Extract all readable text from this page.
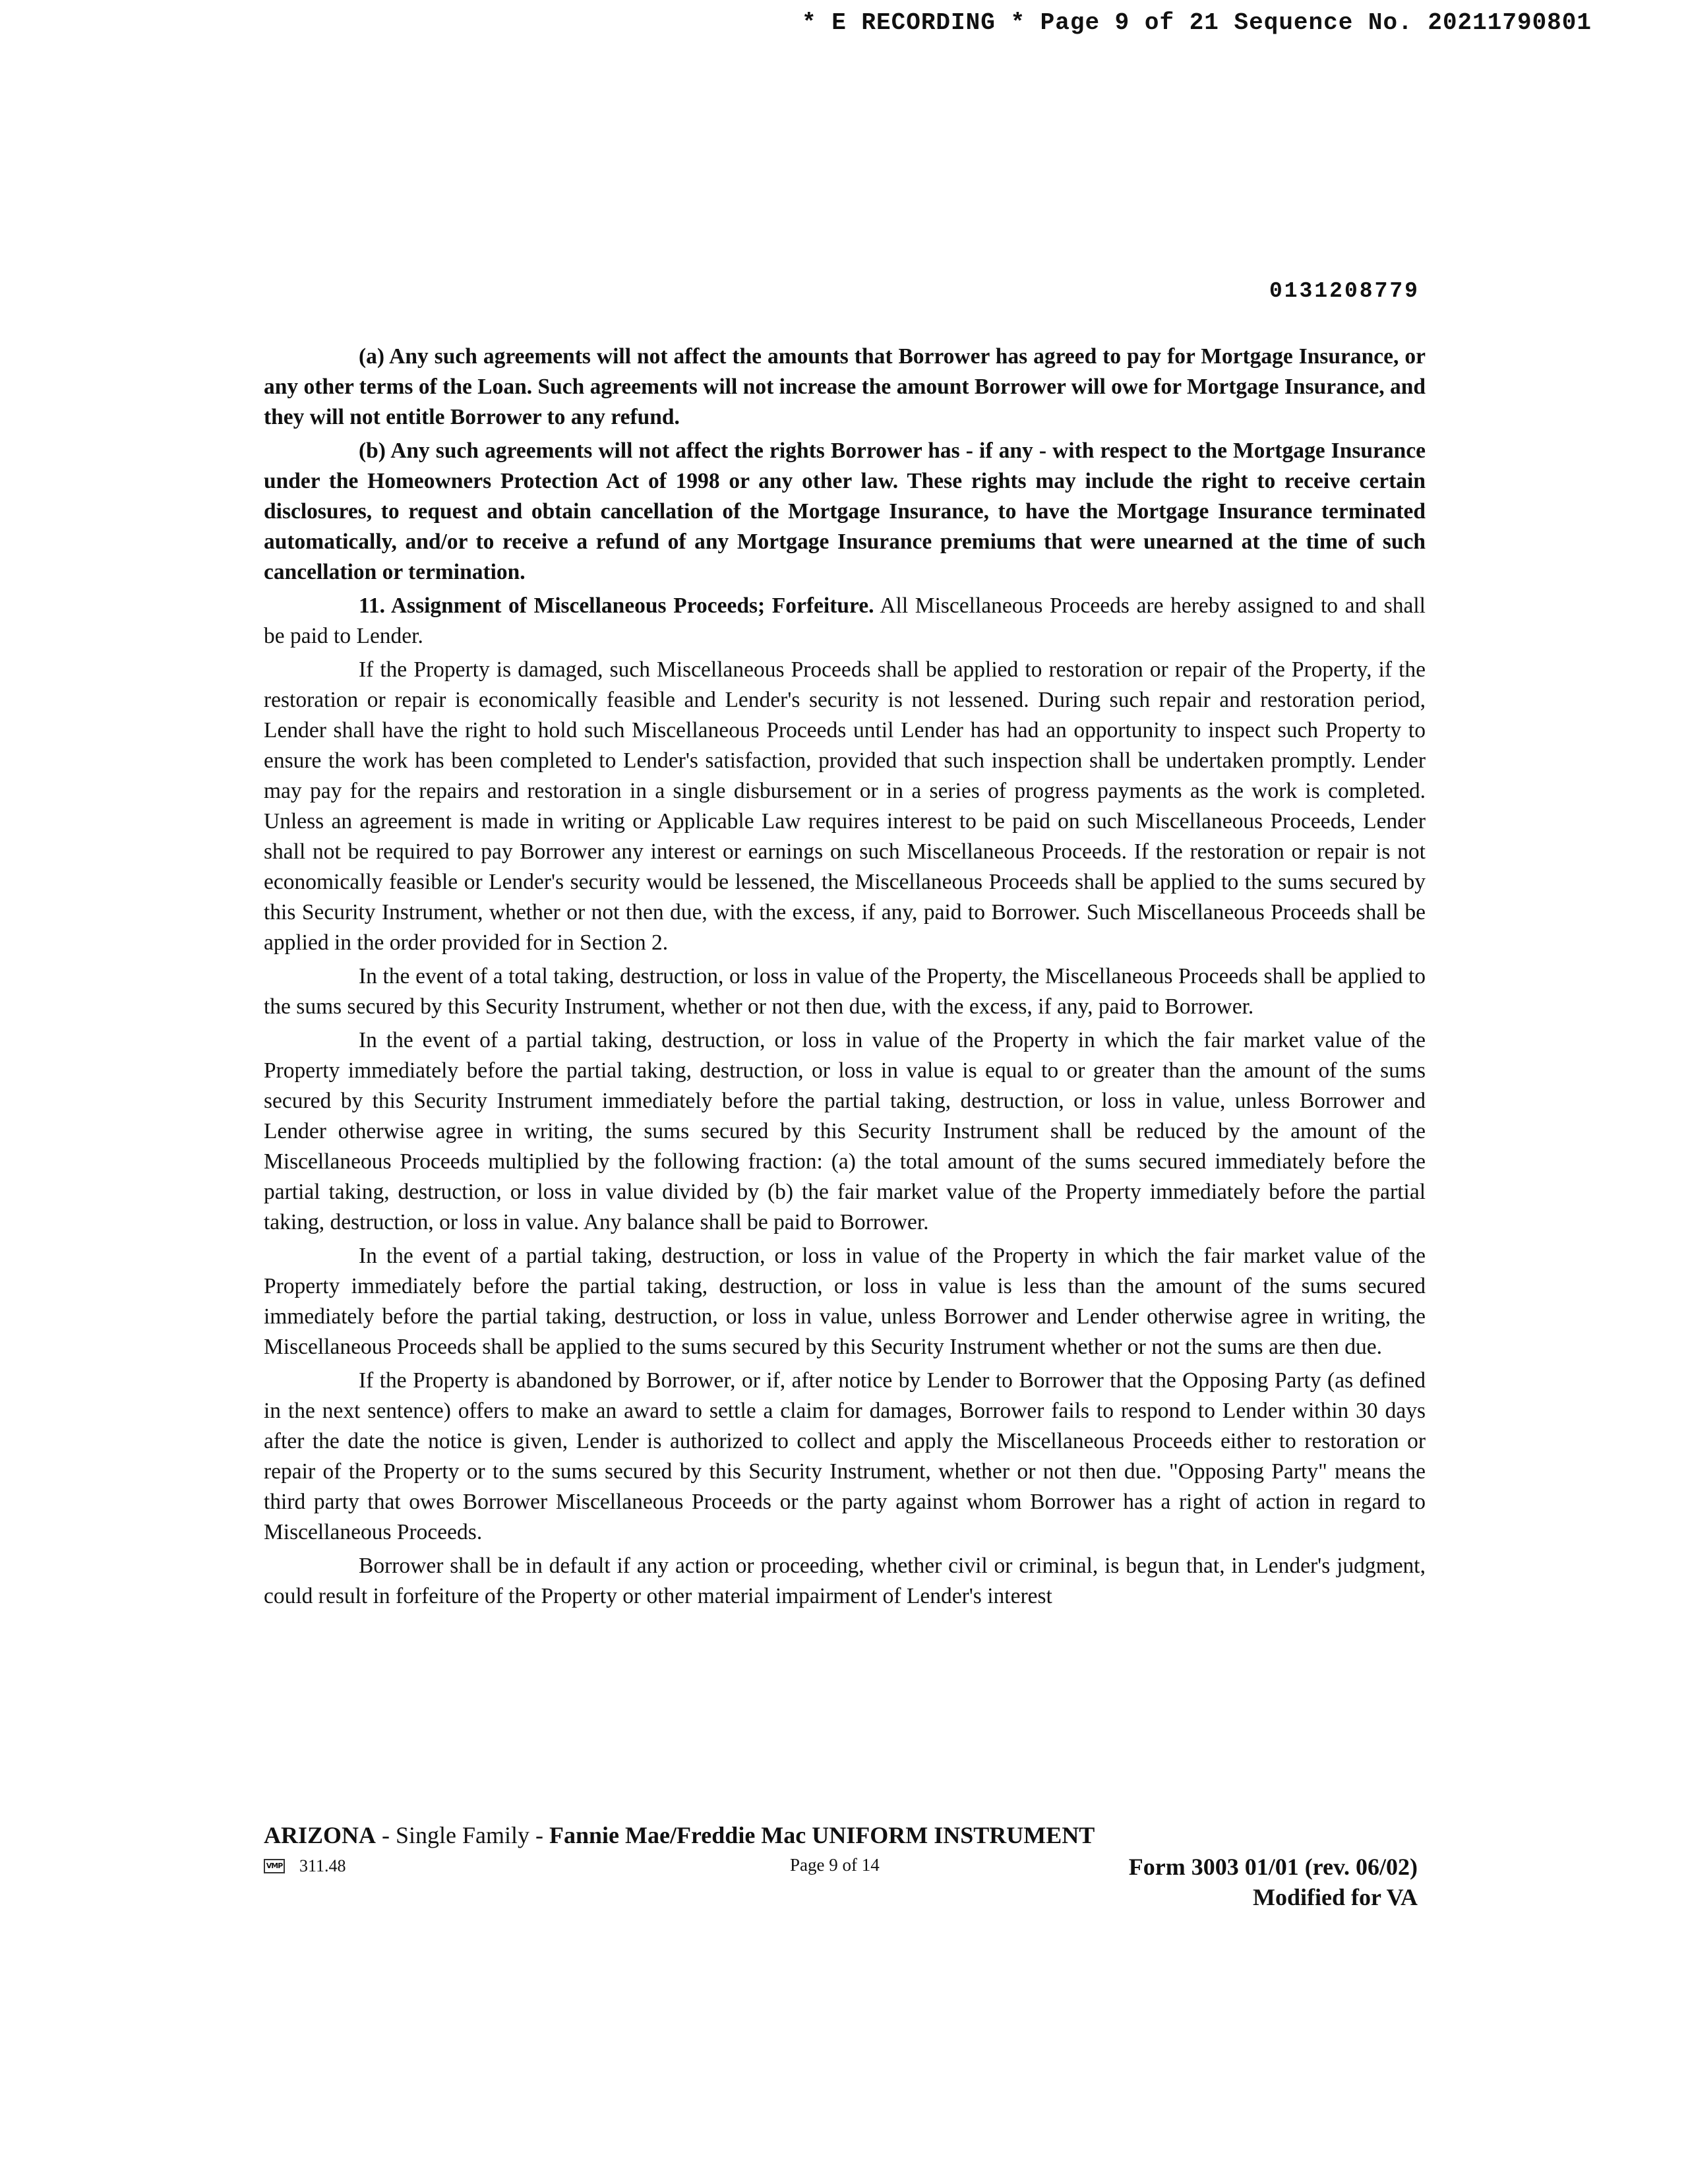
* E RECORDING * Page 9 of 21 Sequence No. 20211790801
0131208779

(a) Any such agreements will not affect the amounts that Borrower has agreed to pay for Mortgage Insurance, or any other terms of the Loan. Such agreements will not increase the amount Borrower will owe for Mortgage Insurance, and they will not entitle Borrower to any refund.

(b) Any such agreements will not affect the rights Borrower has - if any - with respect to the Mortgage Insurance under the Homeowners Protection Act of 1998 or any other law. These rights may include the right to receive certain disclosures, to request and obtain cancellation of the Mortgage Insurance, to have the Mortgage Insurance terminated automatically, and/or to receive a refund of any Mortgage Insurance premiums that were unearned at the time of such cancellation or termination.

11. Assignment of Miscellaneous Proceeds; Forfeiture. All Miscellaneous Proceeds are hereby assigned to and shall be paid to Lender.

If the Property is damaged, such Miscellaneous Proceeds shall be applied to restoration or repair of the Property, if the restoration or repair is economically feasible and Lender's security is not lessened. During such repair and restoration period, Lender shall have the right to hold such Miscellaneous Proceeds until Lender has had an opportunity to inspect such Property to ensure the work has been completed to Lender's satisfaction, provided that such inspection shall be undertaken promptly. Lender may pay for the repairs and restoration in a single disbursement or in a series of progress payments as the work is completed. Unless an agreement is made in writing or Applicable Law requires interest to be paid on such Miscellaneous Proceeds, Lender shall not be required to pay Borrower any interest or earnings on such Miscellaneous Proceeds. If the restoration or repair is not economically feasible or Lender's security would be lessened, the Miscellaneous Proceeds shall be applied to the sums secured by this Security Instrument, whether or not then due, with the excess, if any, paid to Borrower. Such Miscellaneous Proceeds shall be applied in the order provided for in Section 2.

In the event of a total taking, destruction, or loss in value of the Property, the Miscellaneous Proceeds shall be applied to the sums secured by this Security Instrument, whether or not then due, with the excess, if any, paid to Borrower.

In the event of a partial taking, destruction, or loss in value of the Property in which the fair market value of the Property immediately before the partial taking, destruction, or loss in value is equal to or greater than the amount of the sums secured by this Security Instrument immediately before the partial taking, destruction, or loss in value, unless Borrower and Lender otherwise agree in writing, the sums secured by this Security Instrument shall be reduced by the amount of the Miscellaneous Proceeds multiplied by the following fraction: (a) the total amount of the sums secured immediately before the partial taking, destruction, or loss in value divided by (b) the fair market value of the Property immediately before the partial taking, destruction, or loss in value. Any balance shall be paid to Borrower.

In the event of a partial taking, destruction, or loss in value of the Property in which the fair market value of the Property immediately before the partial taking, destruction, or loss in value is less than the amount of the sums secured immediately before the partial taking, destruction, or loss in value, unless Borrower and Lender otherwise agree in writing, the Miscellaneous Proceeds shall be applied to the sums secured by this Security Instrument whether or not the sums are then due.

If the Property is abandoned by Borrower, or if, after notice by Lender to Borrower that the Opposing Party (as defined in the next sentence) offers to make an award to settle a claim for damages, Borrower fails to respond to Lender within 30 days after the date the notice is given, Lender is authorized to collect and apply the Miscellaneous Proceeds either to restoration or repair of the Property or to the sums secured by this Security Instrument, whether or not then due. "Opposing Party" means the third party that owes Borrower Miscellaneous Proceeds or the party against whom Borrower has a right of action in regard to Miscellaneous Proceeds.

Borrower shall be in default if any action or proceeding, whether civil or criminal, is begun that, in Lender's judgment, could result in forfeiture of the Property or other material impairment of Lender's interest

ARIZONA - Single Family - Fannie Mae/Freddie Mac UNIFORM INSTRUMENT
VMP 311.48	Page 9 of 14	Form 3003 01/01 (rev. 06/02)
Modified for VA
